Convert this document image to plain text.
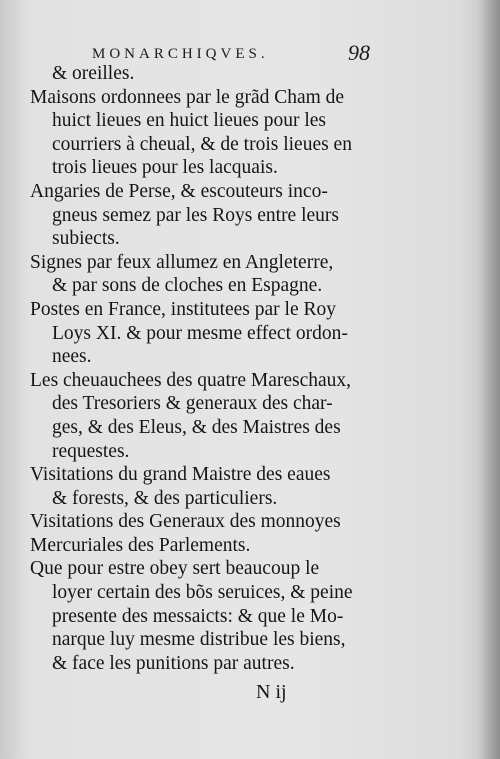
MONARCHIQVES.	98
& oreilles.
Maisons ordonnees par le grãd Cham de
huict lieues en huict lieues pour les
courriers à cheual, & de trois lieues en
trois lieues pour les lacquais.
Angaries de Perse, & escouteurs inco-
gneus semez par les Roys entre leurs
subiects.
Signes par feux allumez en Angleterre,
& par sons de cloches en Espagne.
Postes en France, institutees par le Roy
Loys XI. & pour mesme effect ordon-
nees.
Les cheuauchees des quatre Mareschaux,
des Tresoriers & generaux des char-
ges, & des Eleus, & des Maistres des
requestes.
Visitations du grand Maistre des eaues
& forests, & des particuliers.
Visitations des Generaux des monnoyes
Mercuriales des Parlements.
Que pour estre obey sert beaucoup le
loyer certain des bõs seruices, & peine
presente des messaicts: & que le Mo-
narque luy mesme distribue les biens,
& face les punitions par autres.
N ij
